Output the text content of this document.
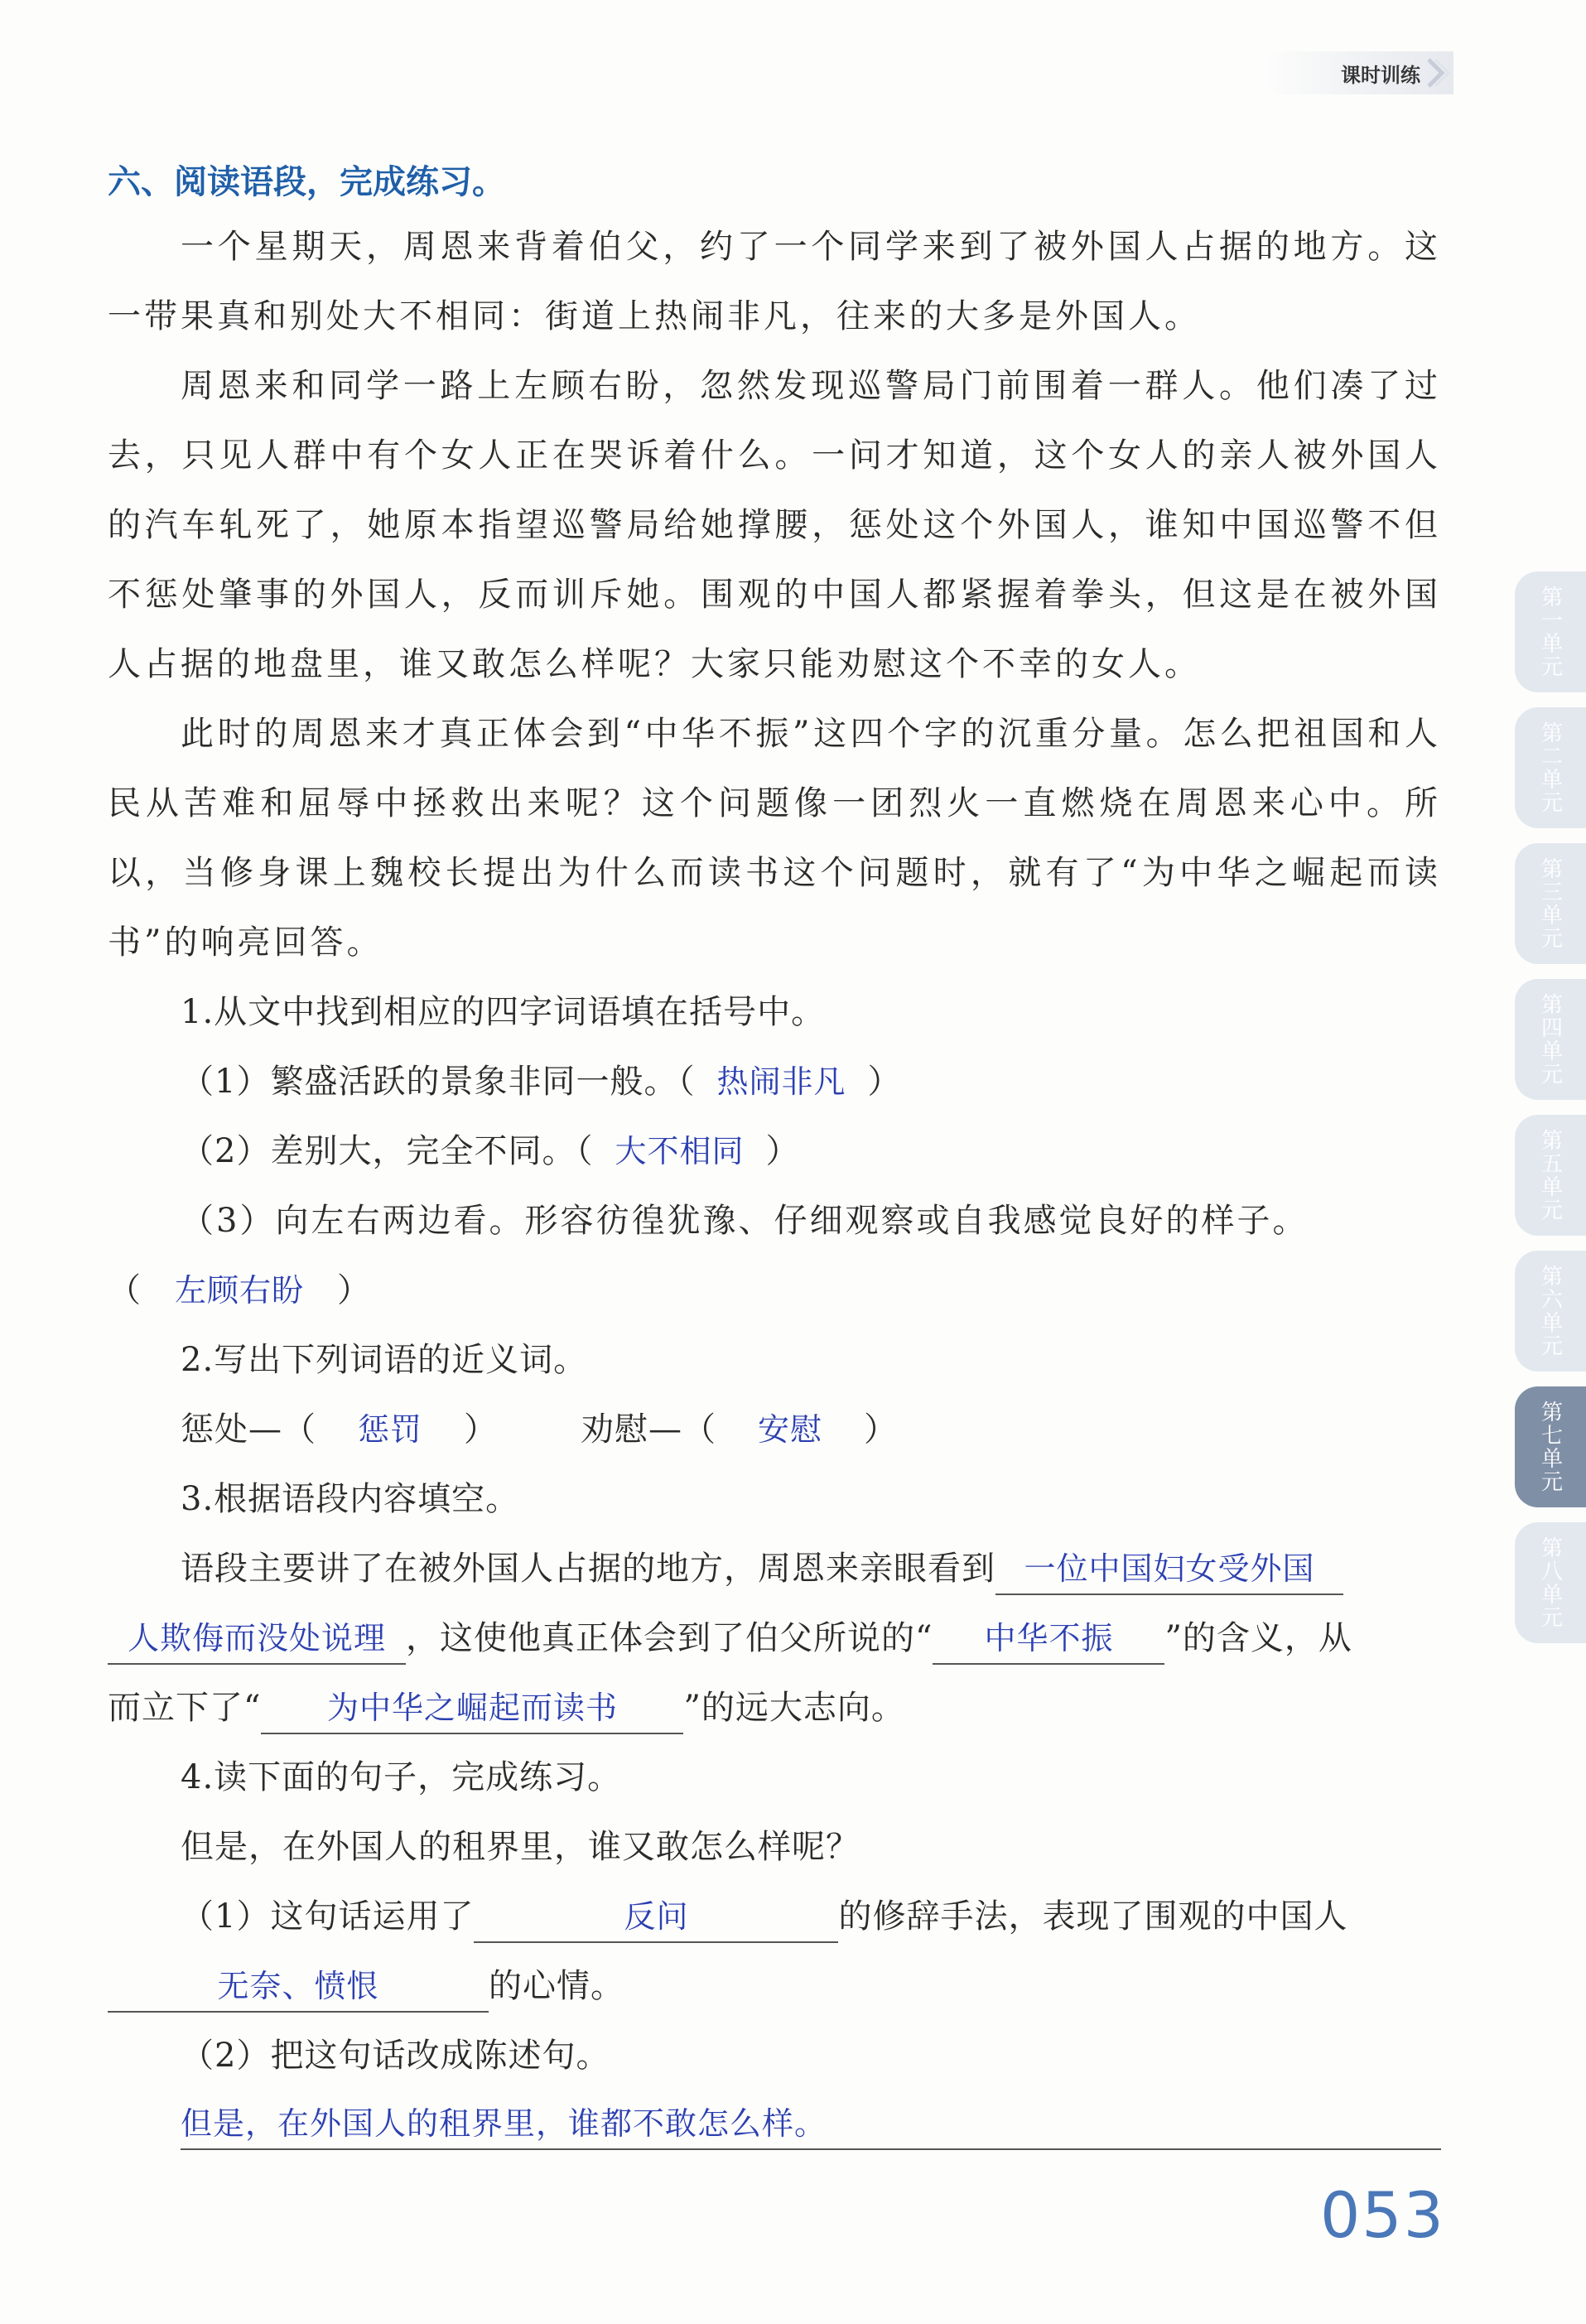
课时训练
六、阅读语段，完成练习。
一个星期天，周恩来背着伯父，约了一个同学来到了被外国人占据的地方。这一带果真和别处大不相同：街道上热闹非凡，往来的大多是外国人。
周恩来和同学一路上左顾右盼，忽然发现巡警局门前围着一群人。他们凑了过去，只见人群中有个女人正在哭诉着什么。一问才知道，这个女人的亲人被外国人的汽车轧死了，她原本指望巡警局给她撑腰，惩处这个外国人，谁知中国巡警不但不惩处肇事的外国人，反而训斥她。围观的中国人都紧握着拳头，但这是在被外国人占据的地盘里，谁又敢怎么样呢？大家只能劝慰这个不幸的女人。
此时的周恩来才真正体会到“中华不振”这四个字的沉重分量。怎么把祖国和人民从苦难和屈辱中拯救出来呢？这个问题像一团烈火一直燃烧在周恩来心中。所以，当修身课上魏校长提出为什么而读书这个问题时，就有了“为中华之崛起而读书”的响亮回答。
1.从文中找到相应的四字词语填在括号中。
（1）繁盛活跃的景象非同一般。（ 热闹非凡 ）
（2）差别大，完全不同。（ 大不相同 ）
（3）向左右两边看。形容彷徨犹豫、仔细观察或自我感觉良好的样子。
（ 左顾右盼 ）
2.写出下列词语的近义词。
惩处—（ 惩罚 ）	劝慰—（ 安慰 ）
3.根据语段内容填空。
语段主要讲了在被外国人占据的地方，周恩来亲眼看到 一位中国妇女受外国
人欺侮而没处说理 ，这使他真正体会到了伯父所说的“ 中华不振 ”的含义，从
而立下了“ 为中华之崛起而读书 ”的远大志向。
4.读下面的句子，完成练习。
但是，在外国人的租界里，谁又敢怎么样呢？
（1）这句话运用了	反问	的修辞手法，表现了围观的中国人
无奈、愤恨	的心情。
（2）把这句话改成陈述句。
但是，在外国人的租界里，谁都不敢怎么样。
第一单元
第二单元
第三单元
第四单元
第五单元
第六单元
第七单元
第八单元
053
